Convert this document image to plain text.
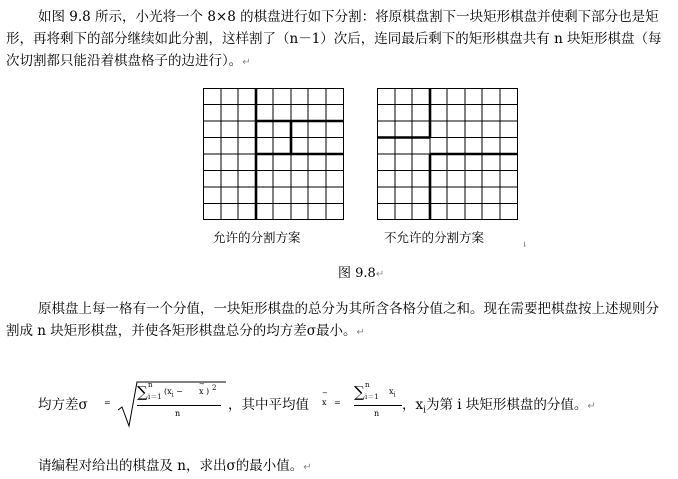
如图 9.8 所示，小光将一个 8×8 的棋盘进行如下分割：将原棋盘割下一块矩形棋盘并使剩下部分也是矩形，再将剩下的部分继续如此分割，这样割了（n－1）次后，连同最后剩下的矩形棋盘共有 n 块矩形棋盘（每次切割都只能沿着棋盘格子的边进行）。↵
允许的分割方案	不允许的分割方案
图 9.8↵
原棋盘上每一格有一个分值，一块矩形棋盘的总分为其所含各格分值之和。现在需要把棋盘按上述规则分割成 n 块矩形棋盘，并使各矩形棋盘总分的均方差σ最小。↵
均方差σ =
∑ n
i＝1
($x_i$ −
−
x ) 2
n
，其中平均值
−
x =
∑ n
i＝1
$x_i$
n
，$x_i$为第 i 块矩形棋盘的分值。↵
请编程对给出的棋盘及 n，求出σ的最小值。↵
